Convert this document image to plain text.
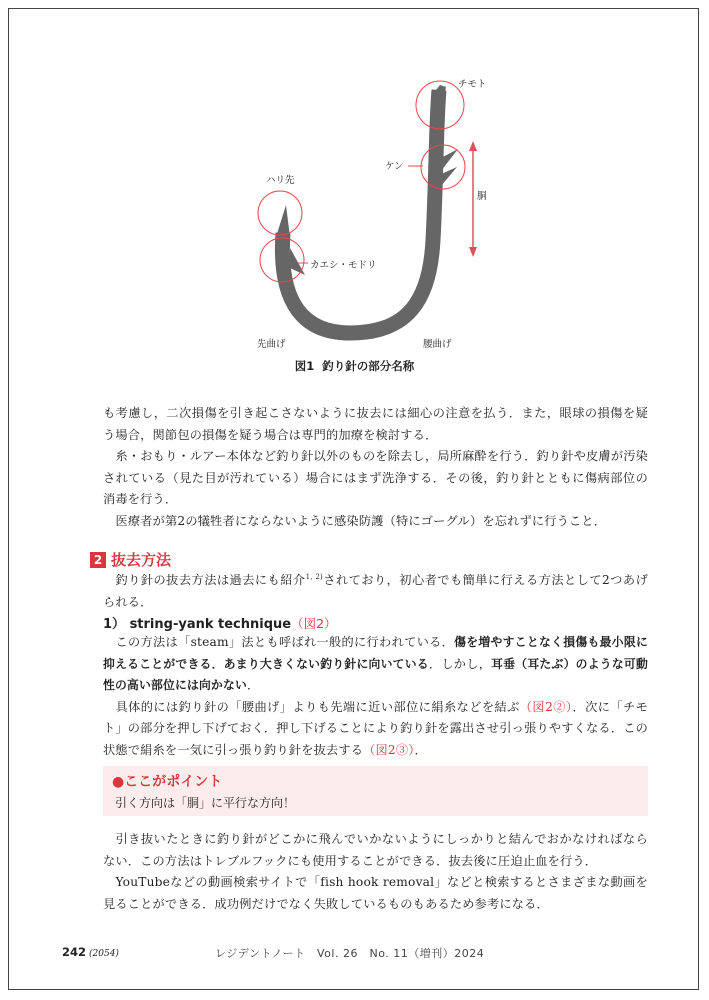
チモト
ケン
胴
ハリ先
カエシ・モドリ
先曲げ	腰曲げ
図1 釣り針の部分名称

も考慮し，二次損傷を引き起こさないように抜去には細心の注意を払う．また，眼球の損傷を疑う場合，関節包の損傷を疑う場合は専門的加療を検討する．

糸・おもり・ルアー本体など釣り針以外のものを除去し，局所麻酔を行う．釣り針や皮膚が汚染されている（見た目が汚れている）場合にはまず洗浄する．その後，釣り針とともに傷病部位の消毒を行う．

医療者が第2の犠牲者にならないように感染防護（特にゴーグル）を忘れずに行うこと．

2 抜去方法

釣り針の抜去方法は過去にも紹介$^{1, 2)}$されており，初心者でも簡単に行える方法として2つあげられる．

1） string-yank technique（図2）

この方法は「steam」法とも呼ばれ一般的に行われている．傷を増やすことなく損傷も最小限に抑えることができる．あまり大きくない釣り針に向いている．しかし，耳垂（耳たぶ）のような可動性の高い部位には向かない．

具体的には釣り針の「腰曲げ」よりも先端に近い部位に絹糸などを結ぶ（図2②）．次に「チモト」の部分を押し下げておく．押し下げることにより釣り針を露出させ引っ張りやすくなる．この状態で絹糸を一気に引っ張り釣り針を抜去する（図2③）．

●ここがポイント
引く方向は「胴」に平行な方向！

引き抜いたときに釣り針がどこかに飛んでいかないようにしっかりと結んでおかなければならない．この方法はトレブルフックにも使用することができる．抜去後に圧迫止血を行う．

YouTubeなどの動画検索サイトで「fish hook removal」などと検索するとさまざまな動画を見ることができる．成功例だけでなく失敗しているものもあるため参考になる．

242 (2054)	レジデントノート　Vol. 26　No. 11（増刊）2024
